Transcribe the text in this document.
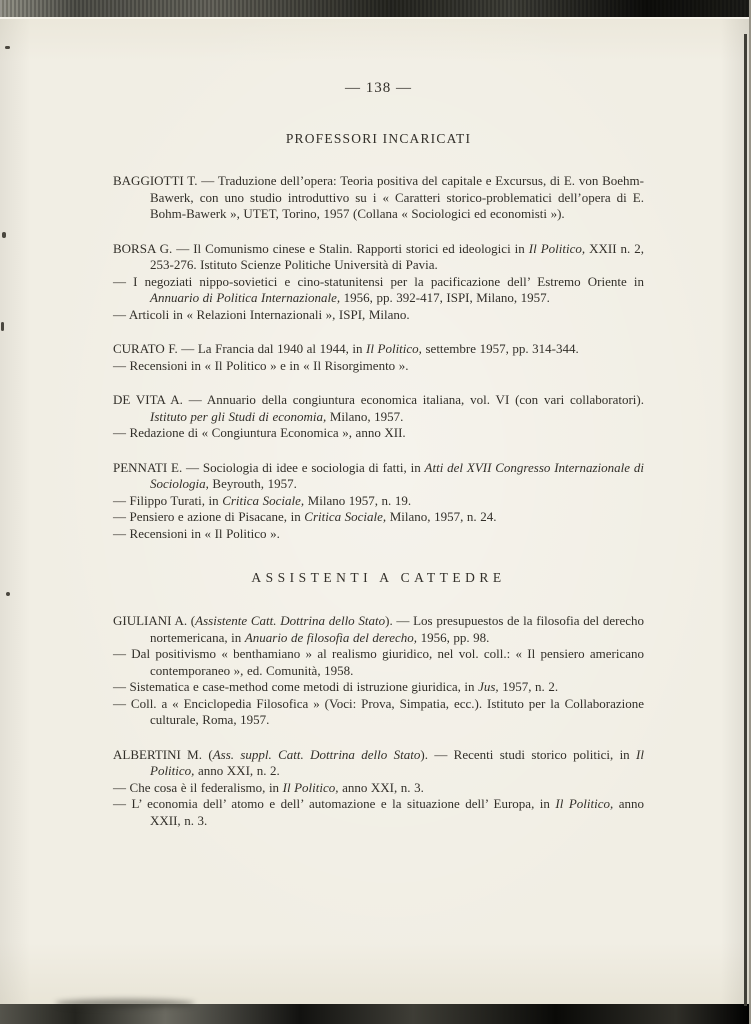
— 138 —

PROFESSORI INCARICATI

BAGGIOTTI T. — Traduzione dell’opera: Teoria positiva del capitale e Excursus, di E. von Boehm-Bawerk, con uno studio introduttivo su i « Caratteri storico-problematici dell’opera di E. Bohm-Bawerk », UTET, Torino, 1957 (Collana « Sociologici ed economisti »).

BORSA G. — Il Comunismo cinese e Stalin. Rapporti storici ed ideologici in Il Politico, XXII n. 2, 253-276. Istituto Scienze Politiche Università di Pavia.

— I negoziati nippo-sovietici e cino-statunitensi per la pacificazione dell’ Estremo Oriente in Annuario di Politica Internazionale, 1956, pp. 392-417, ISPI, Milano, 1957.

— Articoli in « Relazioni Internazionali », ISPI, Milano.

CURATO F. — La Francia dal 1940 al 1944, in Il Politico, settembre 1957, pp. 314-344.

— Recensioni in « Il Politico » e in « Il Risorgimento ».

DE VITA A. — Annuario della congiuntura economica italiana, vol. VI (con vari collaboratori). Istituto per gli Studi di economia, Milano, 1957.

— Redazione di « Congiuntura Economica », anno XII.

PENNATI E. — Sociologia di idee e sociologia di fatti, in Atti del XVII Congresso Internazionale di Sociologia, Beyrouth, 1957.

— Filippo Turati, in Critica Sociale, Milano 1957, n. 19.

— Pensiero e azione di Pisacane, in Critica Sociale, Milano, 1957, n. 24.

— Recensioni in « Il Politico ».

ASSISTENTI A CATTEDRE

GIULIANI A. (Assistente Catt. Dottrina dello Stato). — Los presupuestos de la filosofia del derecho nortemericana, in Anuario de filosofia del derecho, 1956, pp. 98.

— Dal positivismo « benthamiano » al realismo giuridico, nel vol. coll.: « Il pensiero americano contemporaneo », ed. Comunità, 1958.

— Sistematica e case-method come metodi di istruzione giuridica, in Jus, 1957, n. 2.

— Coll. a « Enciclopedia Filosofica » (Voci: Prova, Simpatia, ecc.). Istituto per la Collaborazione culturale, Roma, 1957.

ALBERTINI M. (Ass. suppl. Catt. Dottrina dello Stato). — Recenti studi storico politici, in Il Politico, anno XXI, n. 2.

— Che cosa è il federalismo, in Il Politico, anno XXI, n. 3.

— L’ economia dell’ atomo e dell’ automazione e la situazione dell’ Europa, in Il Politico, anno XXII, n. 3.
